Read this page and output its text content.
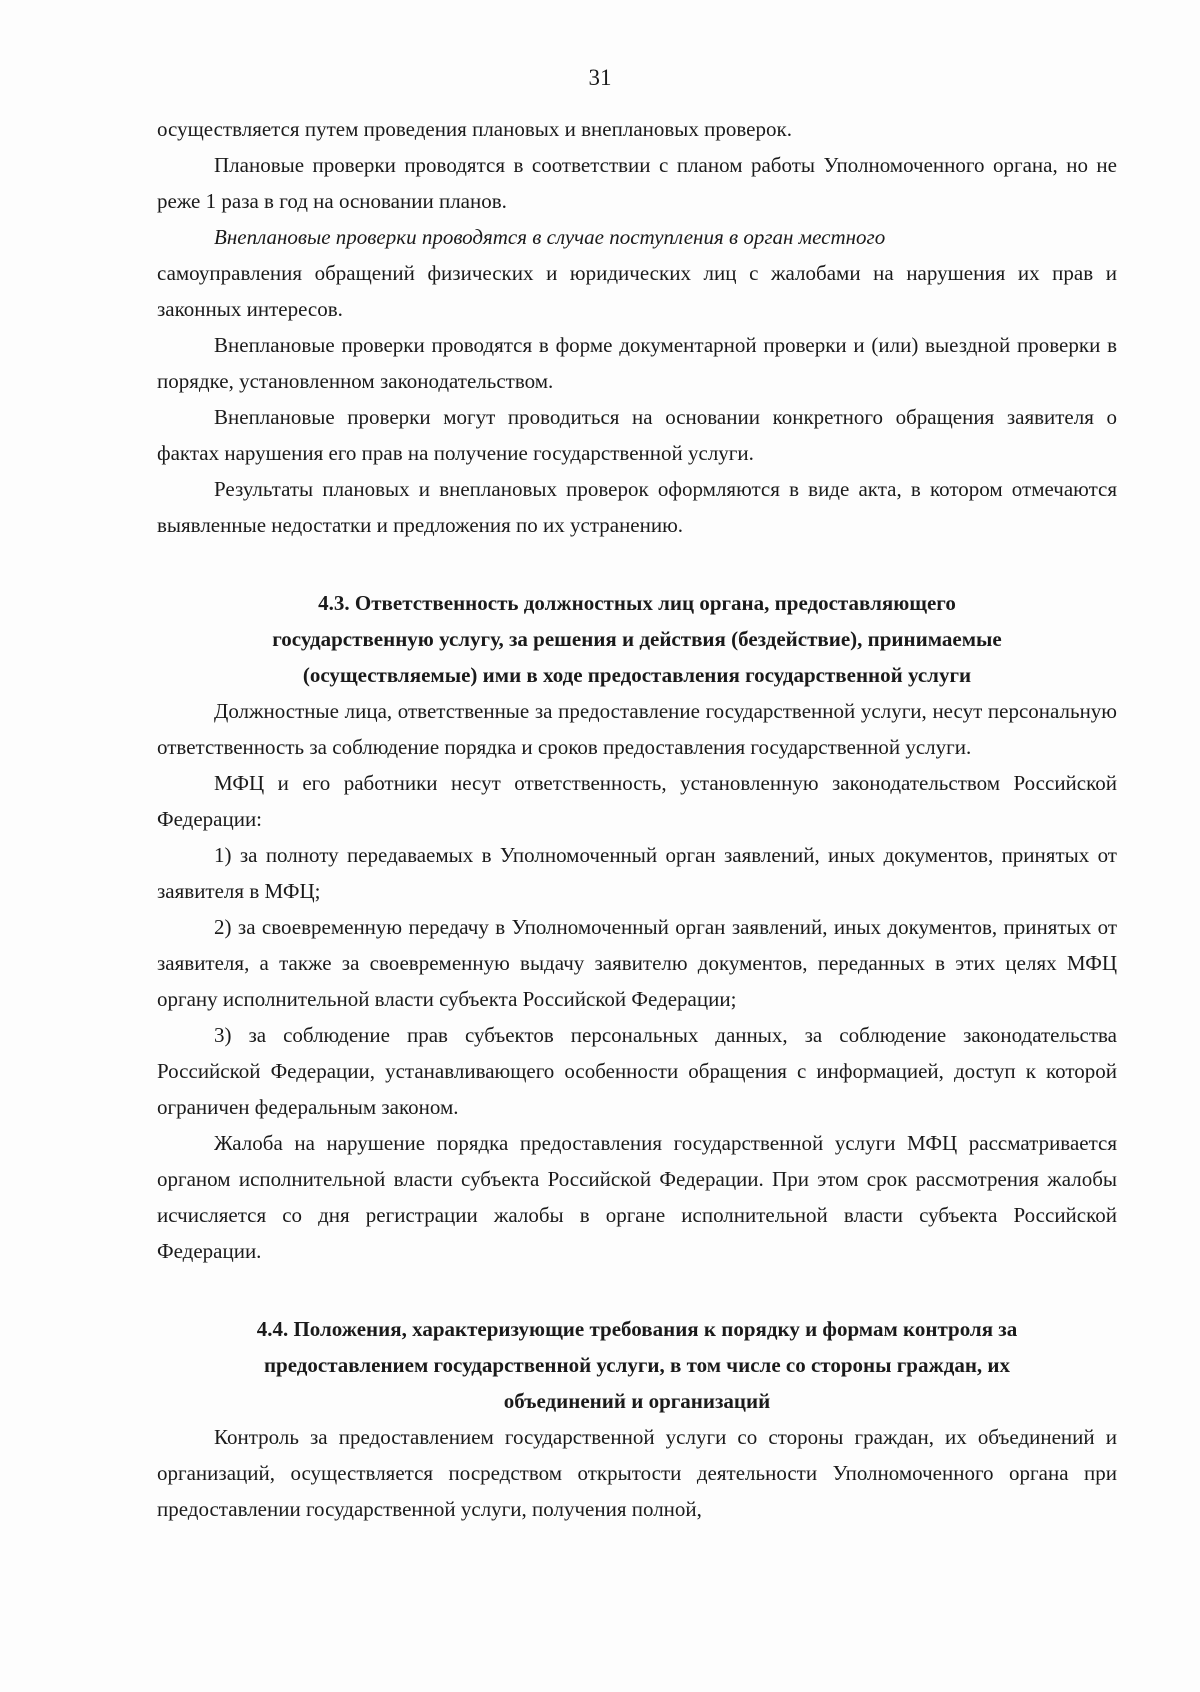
31

осуществляется путем проведения плановых и внеплановых проверок.

Плановые проверки проводятся в соответствии с планом работы Уполномоченного органа, но не реже 1 раза в год на основании планов.

Внеплановые проверки проводятся в случае поступления в орган местного

самоуправления обращений физических и юридических лиц с жалобами на нарушения их прав и законных интересов.

Внеплановые проверки проводятся в форме документарной проверки и (или) выездной проверки в порядке, установленном законодательством.

Внеплановые проверки могут проводиться на основании конкретного обращения заявителя о фактах нарушения его прав на получение государственной услуги.

Результаты плановых и внеплановых проверок оформляются в виде акта, в котором отмечаются выявленные недостатки и предложения по их устранению.

4.3. Ответственность должностных лиц органа, предоставляющего
государственную услугу, за решения и действия (бездействие), принимаемые
(осуществляемые) ими в ходе предоставления государственной услуги

Должностные лица, ответственные за предоставление государственной услуги, несут персональную ответственность за соблюдение порядка и сроков предоставления государственной услуги.

МФЦ и его работники несут ответственность, установленную законодательством Российской Федерации:

1) за полноту передаваемых в Уполномоченный орган заявлений, иных документов, принятых от заявителя в МФЦ;

2) за своевременную передачу в Уполномоченный орган заявлений, иных документов, принятых от заявителя, а также за своевременную выдачу заявителю документов, переданных в этих целях МФЦ органу исполнительной власти субъекта Российской Федерации;

3) за соблюдение прав субъектов персональных данных, за соблюдение законодательства Российской Федерации, устанавливающего особенности обращения с информацией, доступ к которой ограничен федеральным законом.

Жалоба на нарушение порядка предоставления государственной услуги МФЦ рассматривается органом исполнительной власти субъекта Российской Федерации. При этом срок рассмотрения жалобы исчисляется со дня регистрации жалобы в органе исполнительной власти субъекта Российской Федерации.

4.4. Положения, характеризующие требования к порядку и формам контроля за
предоставлением государственной услуги, в том числе со стороны граждан, их
объединений и организаций

Контроль за предоставлением государственной услуги со стороны граждан, их объединений и организаций, осуществляется посредством открытости деятельности Уполномоченного органа при предоставлении государственной услуги, получения полной,
